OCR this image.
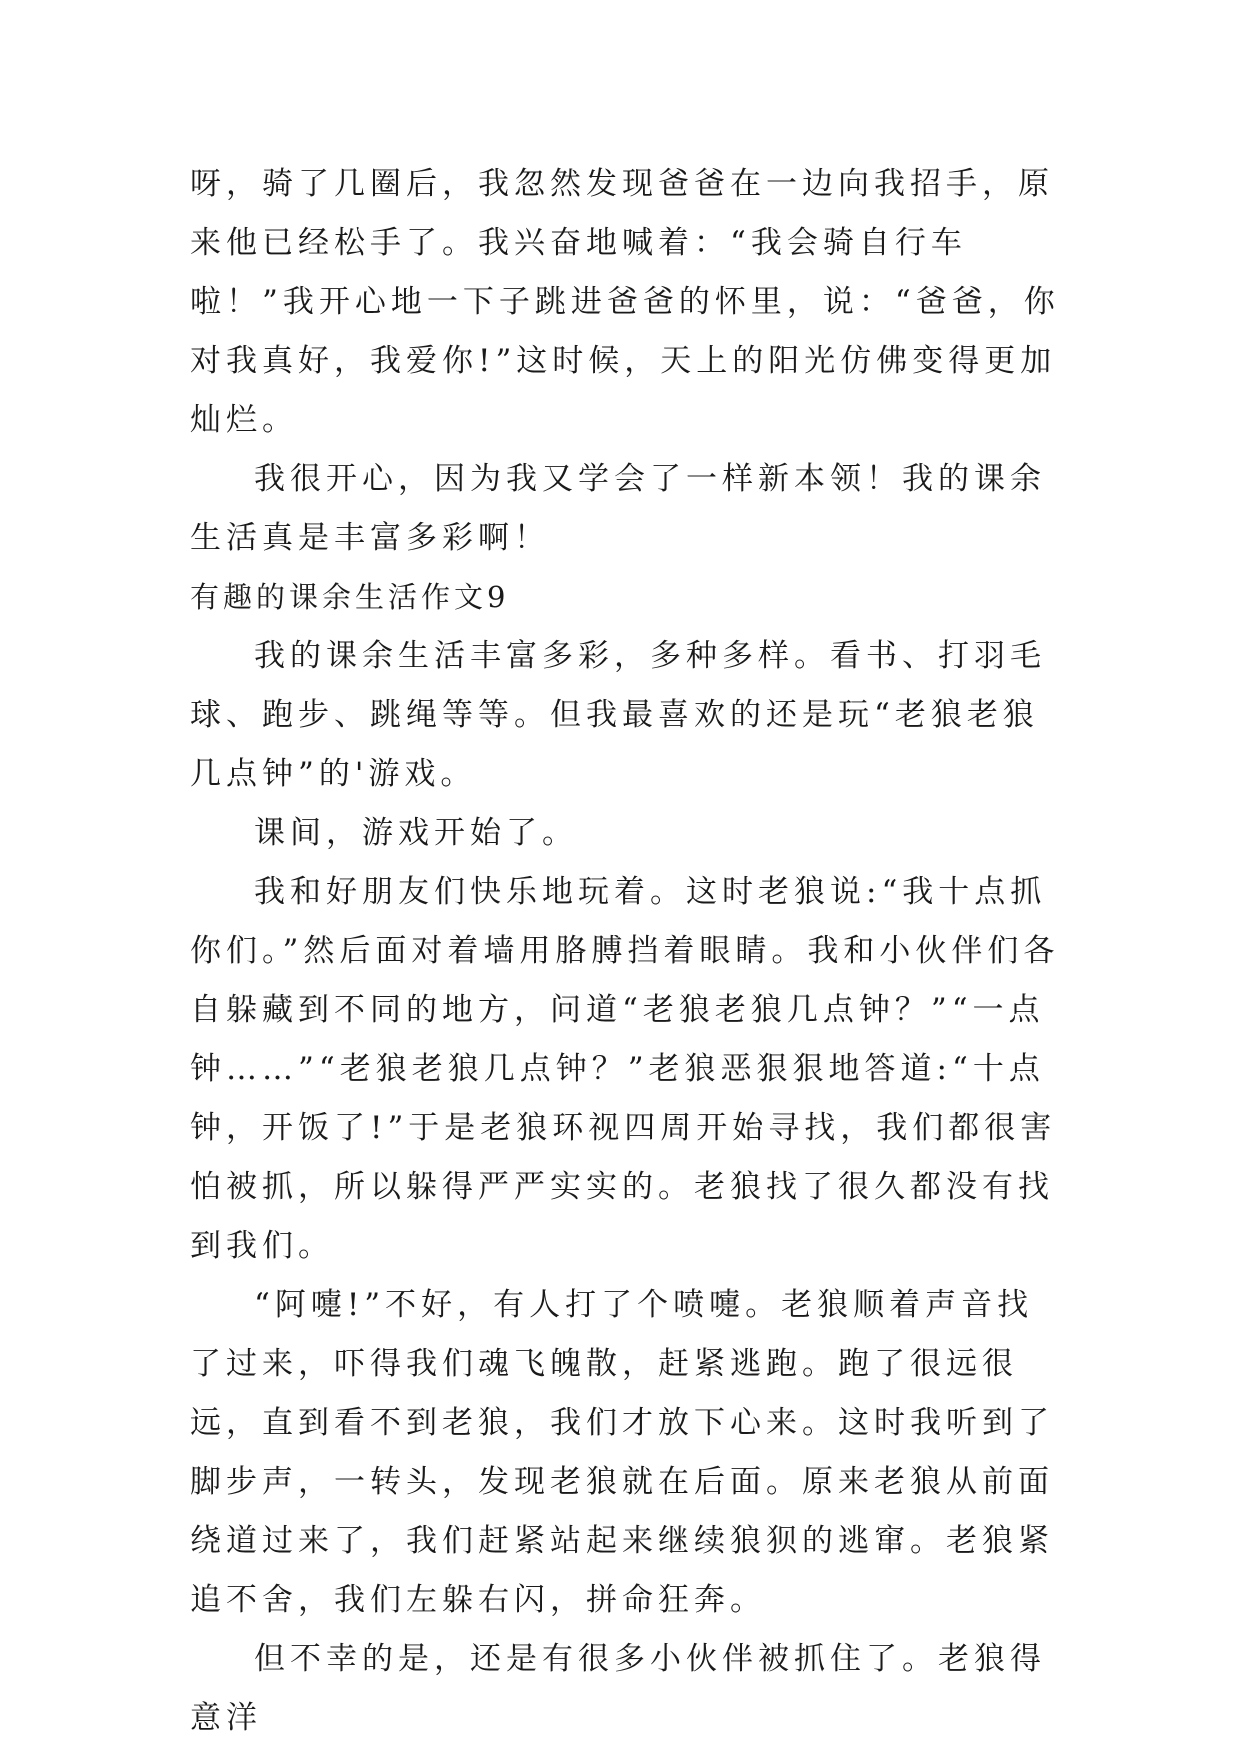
呀，骑了几圈后，我忽然发现爸爸在一边向我招手，原来他已经松手了。我兴奋地喊着：“我会骑自行车啦！”我开心地一下子跳进爸爸的怀里，说：“爸爸，你对我真好，我爱你!”这时候，天上的阳光仿佛变得更加灿烂。

我很开心，因为我又学会了一样新本领！我的课余生活真是丰富多彩啊！

有趣的课余生活作文9

我的课余生活丰富多彩，多种多样。看书、打羽毛球、跑步、跳绳等等。但我最喜欢的还是玩“老狼老狼几点钟”的'游戏。

课间，游戏开始了。

我和好朋友们快乐地玩着。这时老狼说:“我十点抓你们。”然后面对着墙用胳膊挡着眼睛。我和小伙伴们各自躲藏到不同的地方，问道“老狼老狼几点钟？”“一点钟……”“老狼老狼几点钟？”老狼恶狠狠地答道:“十点钟，开饭了!”于是老狼环视四周开始寻找，我们都很害怕被抓，所以躲得严严实实的。老狼找了很久都没有找到我们。

“阿嚏!”不好，有人打了个喷嚏。老狼顺着声音找了过来，吓得我们魂飞魄散，赶紧逃跑。跑了很远很远，直到看不到老狼，我们才放下心来。这时我听到了脚步声，一转头，发现老狼就在后面。原来老狼从前面绕道过来了，我们赶紧站起来继续狼狈的逃窜。老狼紧追不舍，我们左躲右闪，拼命狂奔。

但不幸的是，还是有很多小伙伴被抓住了。老狼得意洋
